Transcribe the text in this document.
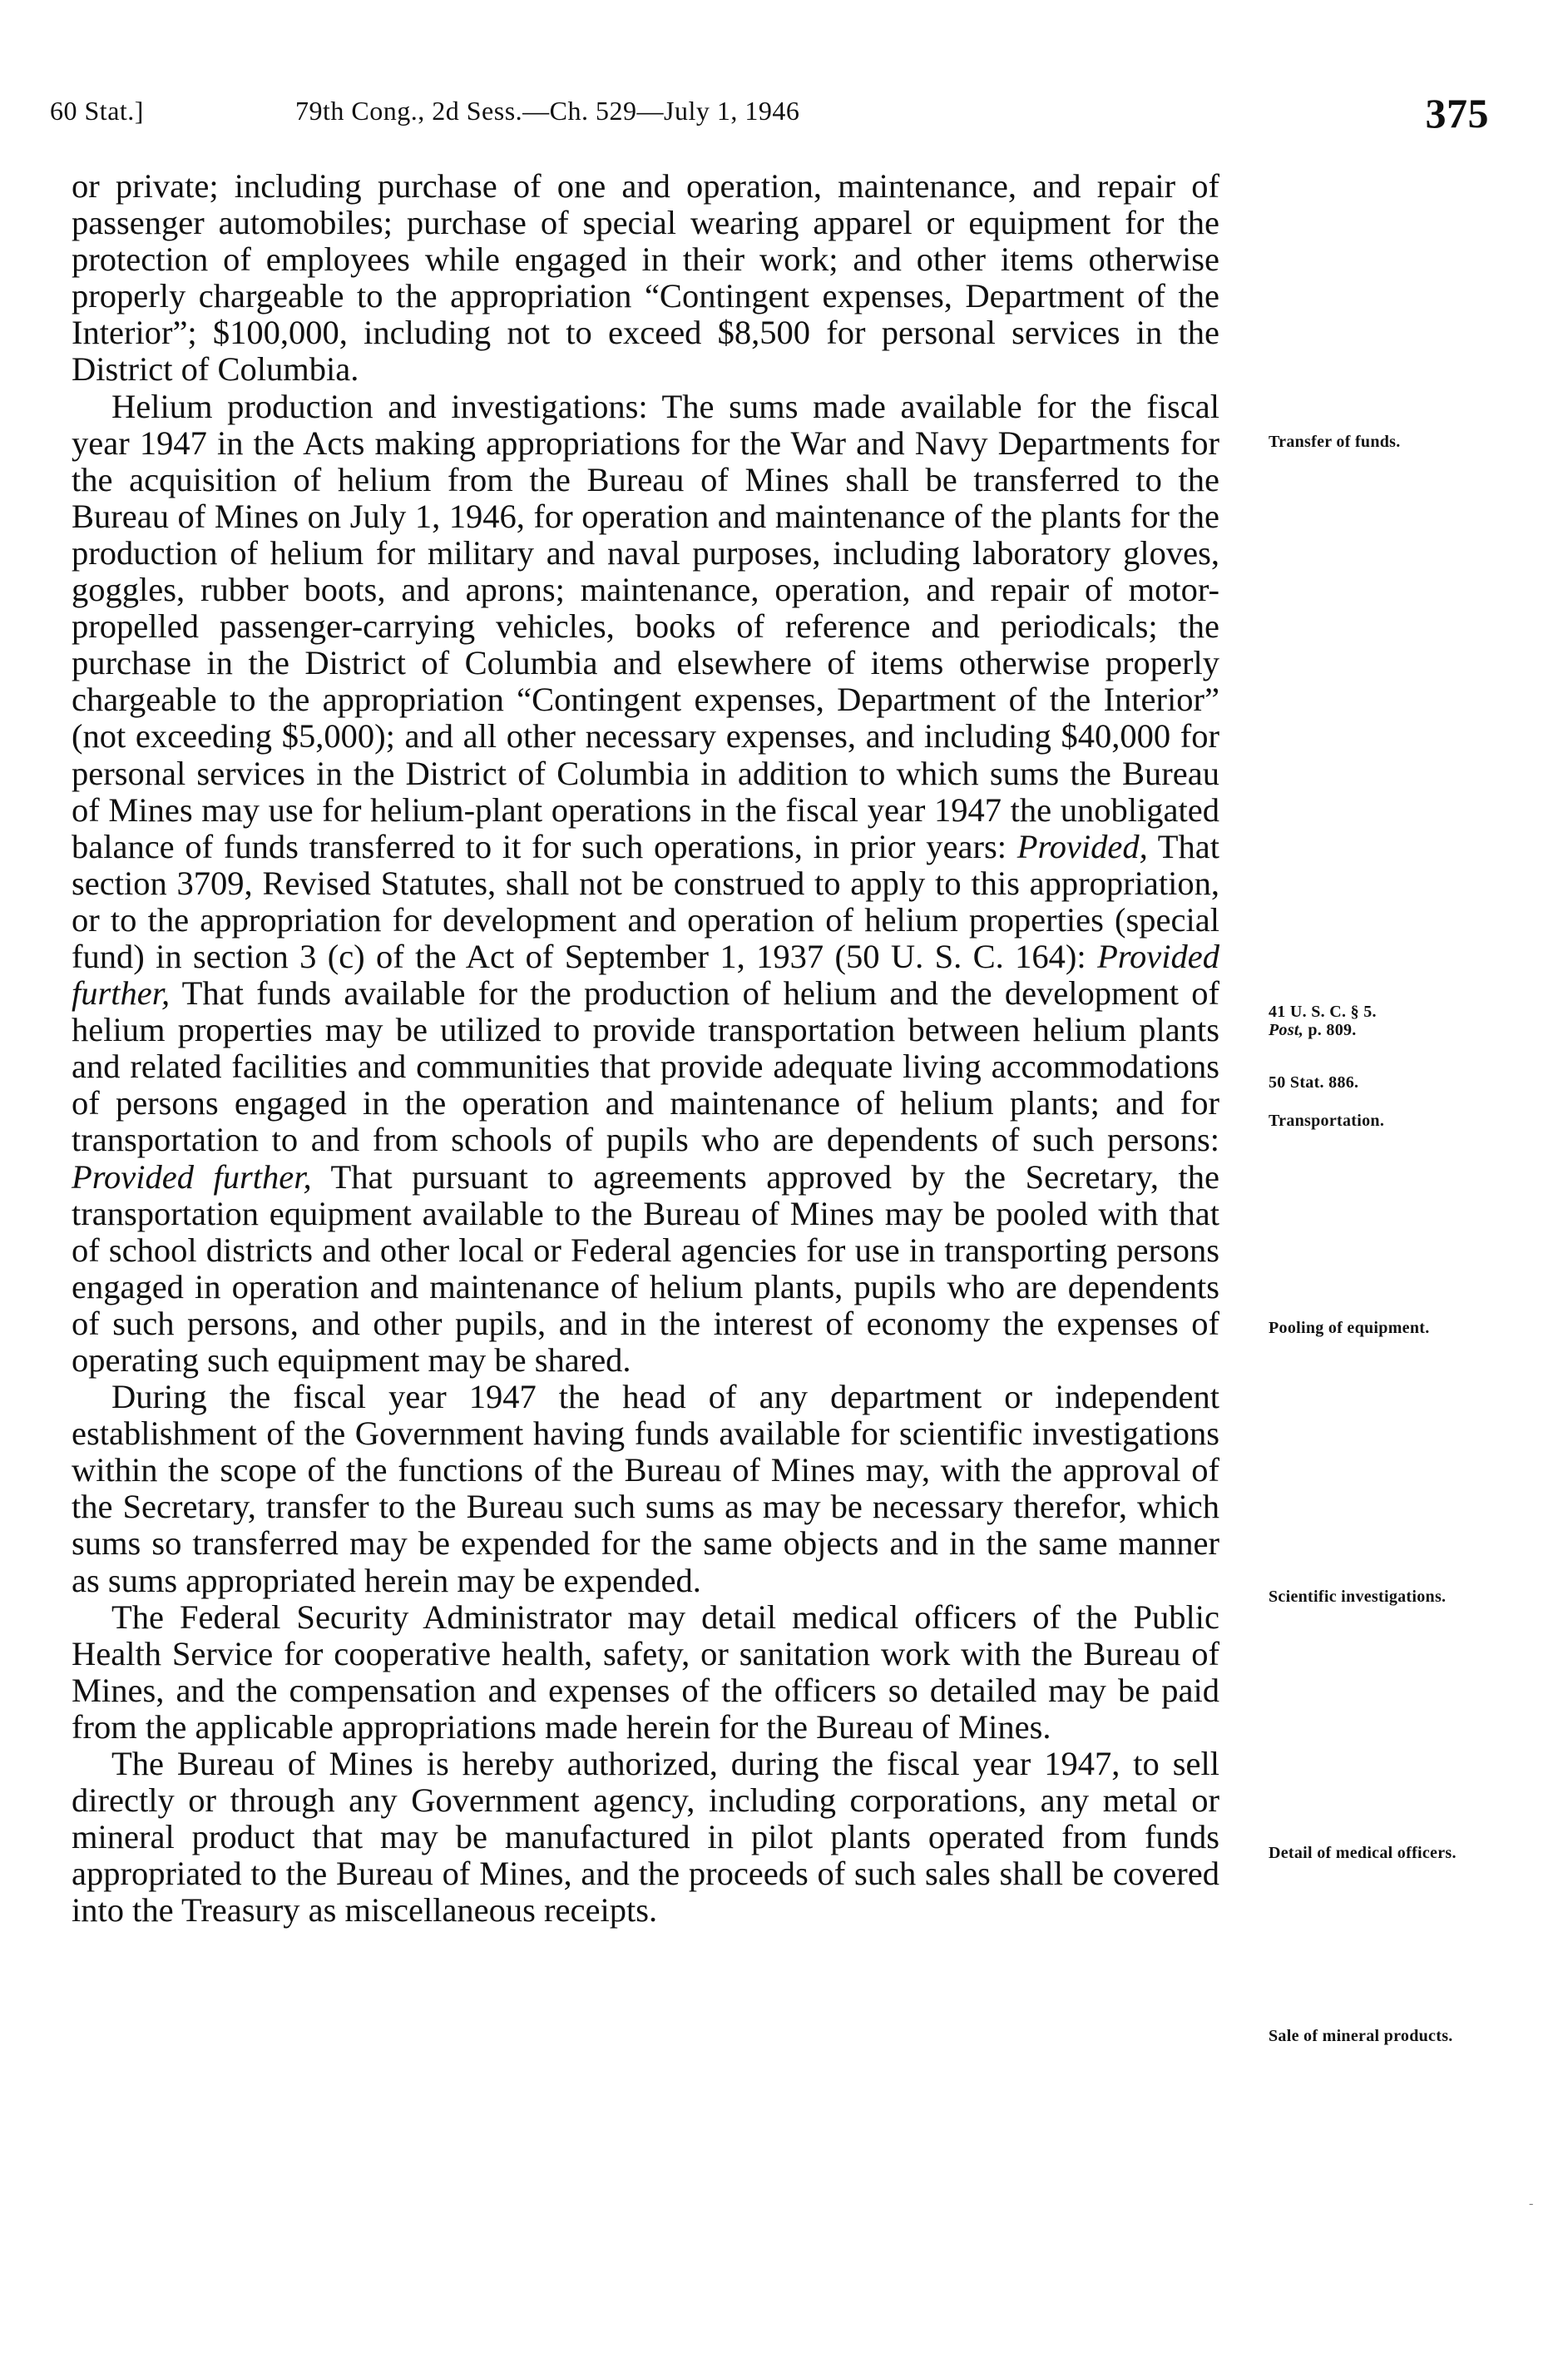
60 Stat.]	79th Cong., 2d Sess.—Ch. 529—July 1, 1946	375

or private; including purchase of one and operation, maintenance, and repair of passenger automobiles; purchase of special wearing apparel or equipment for the protection of employees while engaged in their work; and other items otherwise properly chargeable to the appropriation “Contingent expenses, Department of the Interior”; $100,000, including not to exceed $8,500 for personal services in the District of Columbia.

Helium production and investigations: The sums made available for the fiscal year 1947 in the Acts making appropriations for the War and Navy Departments for the acquisition of helium from the Bureau of Mines shall be transferred to the Bureau of Mines on July 1, 1946, for operation and maintenance of the plants for the production of helium for military and naval purposes, including laboratory gloves, goggles, rubber boots, and aprons; maintenance, operation, and repair of motor-propelled passenger-carrying vehicles, books of reference and periodicals; the purchase in the District of Columbia and elsewhere of items otherwise properly chargeable to the appropriation “Contingent expenses, Department of the Interior” (not exceeding $5,000); and all other necessary expenses, and including $40,000 for personal services in the District of Columbia in addition to which sums the Bureau of Mines may use for helium-plant operations in the fiscal year 1947 the unobligated balance of funds transferred to it for such operations, in prior years: Provided, That section 3709, Revised Statutes, shall not be construed to apply to this appropriation, or to the appropriation for development and operation of helium properties (special fund) in section 3 (c) of the Act of September 1, 1937 (50 U. S. C. 164): Provided further, That funds available for the production of helium and the development of helium properties may be utilized to provide transportation between helium plants and related facilities and communities that provide adequate living accommodations of persons engaged in the operation and maintenance of helium plants; and for transportation to and from schools of pupils who are dependents of such persons: Provided further, That pursuant to agreements approved by the Secretary, the transportation equipment available to the Bureau of Mines may be pooled with that of school districts and other local or Federal agencies for use in transporting persons engaged in operation and maintenance of helium plants, pupils who are dependents of such persons, and other pupils, and in the interest of economy the expenses of operating such equipment may be shared.

During the fiscal year 1947 the head of any department or independent establishment of the Government having funds available for scientific investigations within the scope of the functions of the Bureau of Mines may, with the approval of the Secretary, transfer to the Bureau such sums as may be necessary therefor, which sums so transferred may be expended for the same objects and in the same manner as sums appropriated herein may be expended.

The Federal Security Administrator may detail medical officers of the Public Health Service for cooperative health, safety, or sanitation work with the Bureau of Mines, and the compensation and expenses of the officers so detailed may be paid from the applicable appropriations made herein for the Bureau of Mines.

The Bureau of Mines is hereby authorized, during the fiscal year 1947, to sell directly or through any Government agency, including corporations, any metal or mineral product that may be manufactured in pilot plants operated from funds appropriated to the Bureau of Mines, and the proceeds of such sales shall be covered into the Treasury as miscellaneous receipts.

Transfer of funds.
41 U. S. C. § 5.
Post, p. 809.
50 Stat. 886.
Transportation.
Pooling of equipment.
Scientific investigations.
Detail of medical officers.
Sale of mineral products.
-
